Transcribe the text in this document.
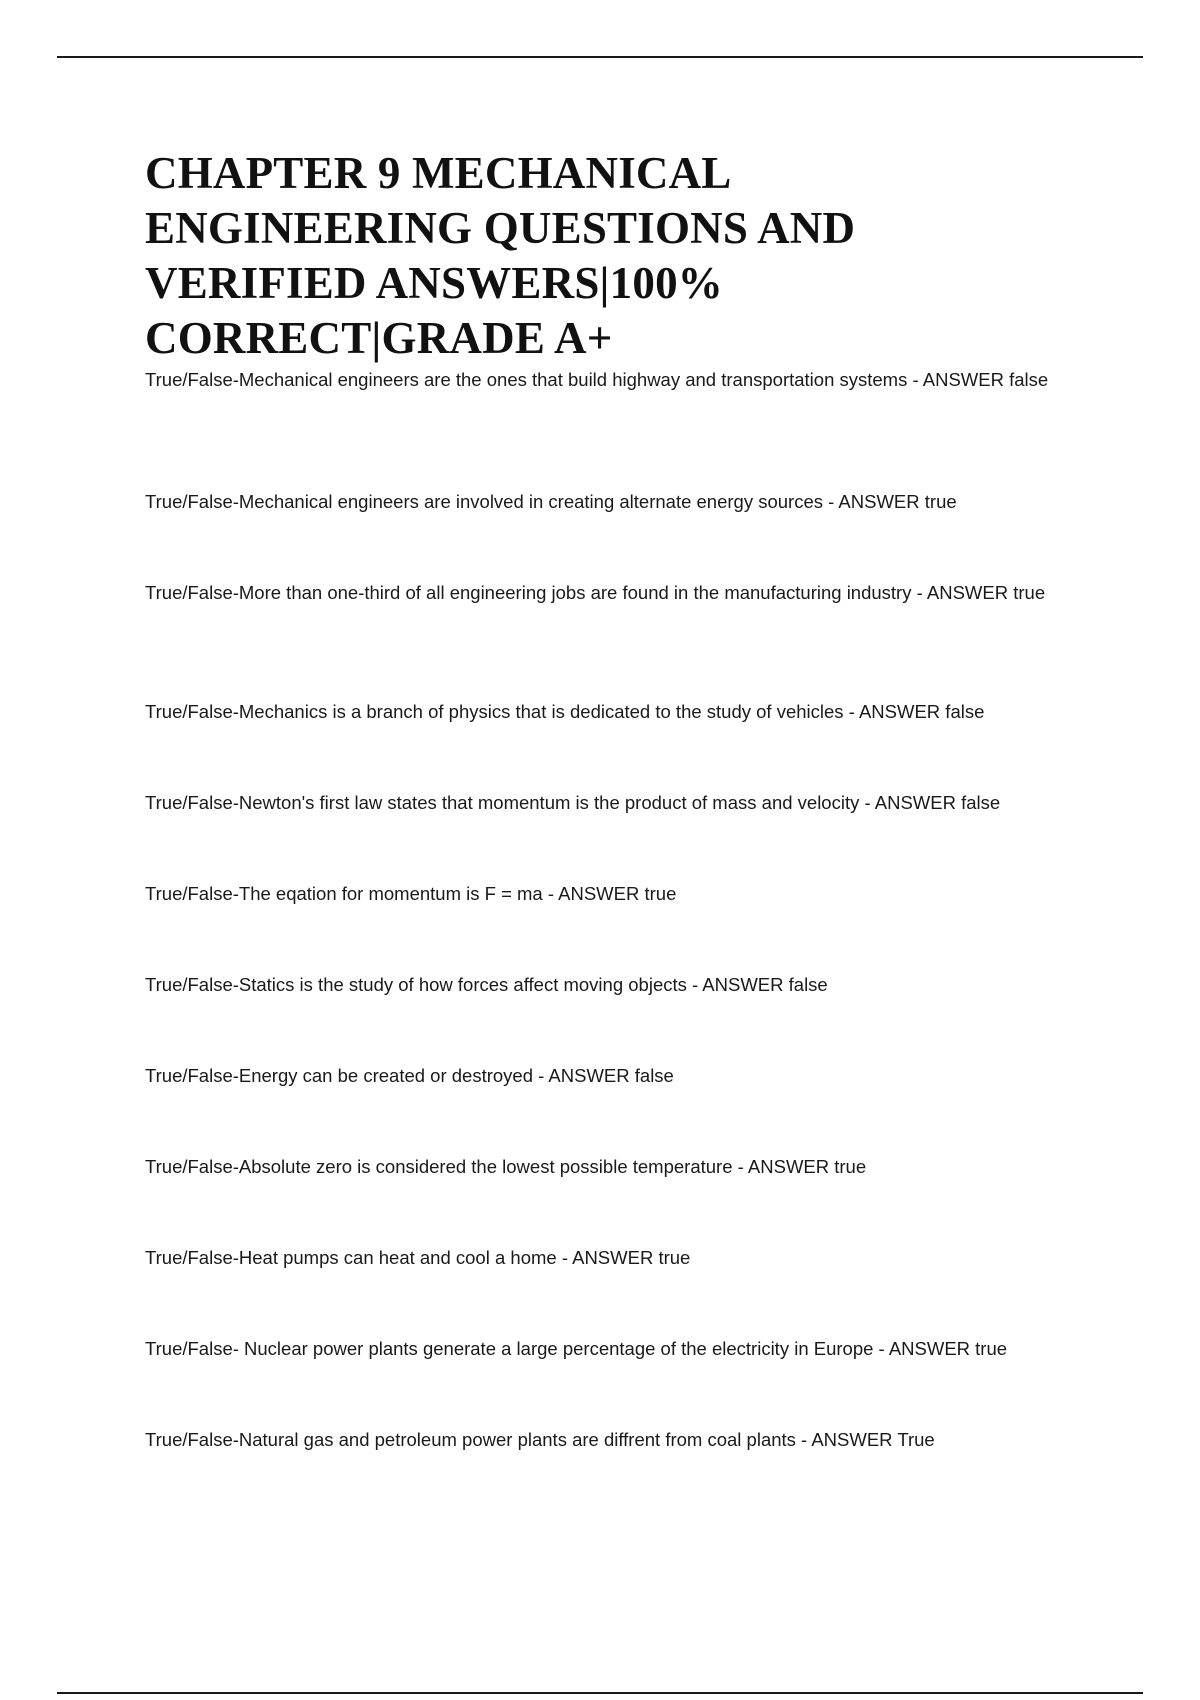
CHAPTER 9 MECHANICAL ENGINEERING QUESTIONS AND VERIFIED ANSWERS|100% CORRECT|GRADE A+
True/False-Mechanical engineers are the ones that build highway and transportation systems - ANSWER false
True/False-Mechanical engineers are involved in creating alternate energy sources - ANSWER true
True/False-More than one-third of all engineering jobs are found in the manufacturing industry - ANSWER true
True/False-Mechanics is a branch of physics that is dedicated to the study of vehicles - ANSWER false
True/False-Newton's first law states that momentum is the product of mass and velocity - ANSWER false
True/False-The eqation for momentum is F = ma - ANSWER true
True/False-Statics is the study of how forces affect moving objects - ANSWER false
True/False-Energy can be created or destroyed - ANSWER false
True/False-Absolute zero is considered the lowest possible temperature - ANSWER true
True/False-Heat pumps can heat and cool a home - ANSWER true
True/False- Nuclear power plants generate a large percentage of the electricity in Europe - ANSWER true
True/False-Natural gas and petroleum power plants are diffrent from coal plants - ANSWER True
